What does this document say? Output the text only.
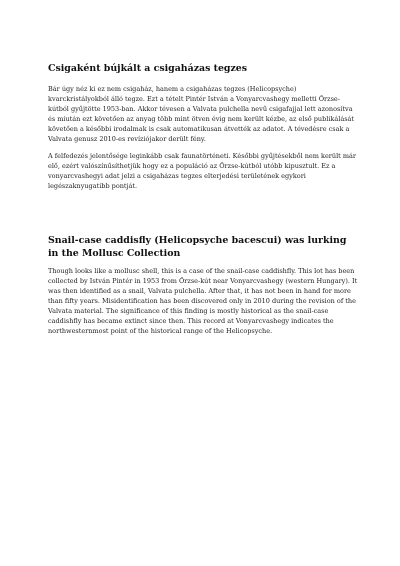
Csigaként bújkált a csigaházas tegzes

Bár úgy néz ki ez nem csigaház, hanem a csigaházas tegzes (Helicopsyche) kvarckristályokból álló tegze. Ezt a tételt Pintér István a Vonyarcvashegy melletti Őrzse-kútból gyűjtötte 1953-ban. Akkor tévesen a Valvata pulchella nevű csigafajjal lett azonosítva és miután ezt követően az anyag több mint ötven évig nem került kézbe, az első publikálását követően a későbbi irodalmak is csak automatikusan átvették az adatot. A tévedésre csak a Valvata genusz 2010-es revíziójakor derült fény.

A felfedezés jelentősége leginkább csak faunatörténeti. Későbbi gyűjtésekből nem került már elő, ezért valószínűsíthetjük hogy ez a populáció az Őrzse-kútból utóbb kipusztult. Ez a vonyarcvashegyi adat jelzi a csigaházas tegzes elterjedési területének egykori legészaknyugatibb pontját.

Snail-case caddisfly (Helicopsyche bacescui) was lurking in the Mollusc Collection

Though looks like a mollusc shell, this is a case of the snail-case caddishfly. This lot has been collected by István Pintér in 1953 from Őrzse-kút near Vonyarcvashegy (western Hungary). It was then identified as a snail, Valvata pulchella. After that, it has not been in hand for more than fifty years. Misidentification has been discovered only in 2010 during the revision of the Valvata material. The significance of this finding is mostly historical as the snail-case caddishfly has became extinct since then. This record at Vonyarcvashegy indicates the northwesternmost point of the historical range of the Helicopsyche.
